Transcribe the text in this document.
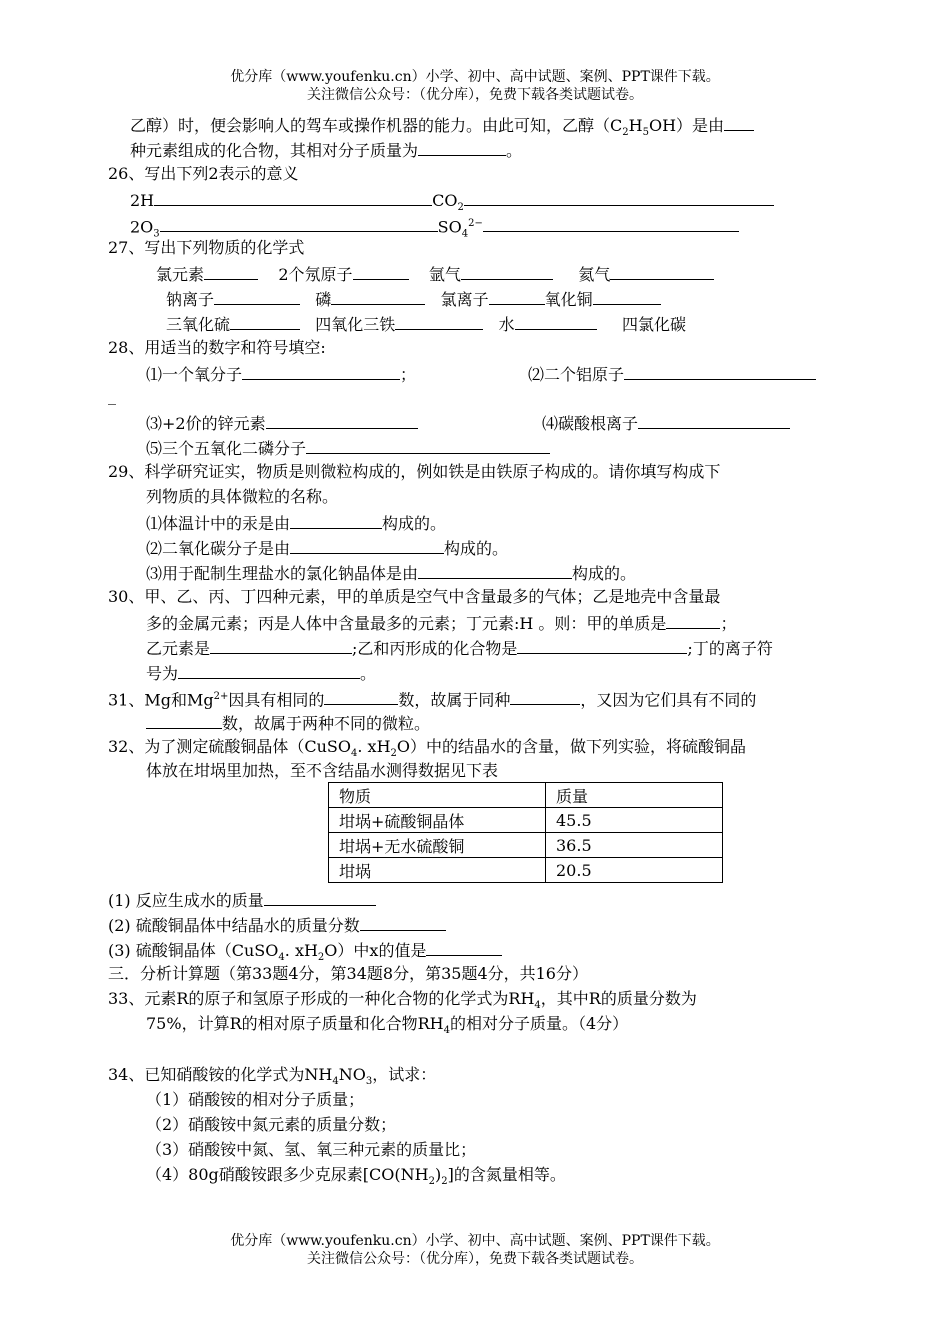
优分库（www.youfenku.cn）小学、初中、高中试题、案例、PPT课件下载。
关注微信公众号：（优分库），免费下载各类试题试卷。
乙醇）时，便会影响人的驾车或操作机器的能力。由此可知，乙醇$(C_2H_5OH)$是由
种元素组成的化合物，其相对分子质量为	。
26、写出下列2表示的意义
2H	$CO_2$
$2O_3$	$SO_4^{2-}$
27、写出下列物质的化学式
氯元素	2个氖原子	氩气	氦气
钠离子	磷	氯离子	氧化铜
三氧化硫	四氧化三铁	水	四氯化碳
28、用适当的数字和符号填空:
⑴一个氧分子	；	⑵二个铝原子
_
⑶+2价的锌元素	⑷碳酸根离子
⑸三个五氧化二磷分子
29、科学研究证实，物质是则微粒构成的，例如铁是由铁原子构成的。请你填写构成下
列物质的具体微粒的名称。
⑴体温计中的汞是由	构成的。
⑵二氧化碳分子是由	构成的。
⑶用于配制生理盐水的氯化钠晶体是由	构成的。
30、甲、乙、丙、丁四种元素，甲的单质是空气中含量最多的气体；乙是地壳中含量最
多的金属元素；丙是人体中含量最多的元素；丁元素:H 。则：甲的单质是	；
乙元素是	;乙和丙形成的化合物是	;丁的离子符
号为	。
31、Mg和$Mg^{2+}$因具有相同的	数，故属于同种	，又因为它们具有不同的
数，故属于两种不同的微粒。
32、为了测定硫酸铜晶体（CuSO$_4$. $xH_2O$）中的结晶水的含量，做下列实验，将硫酸铜晶
体放在坩埚里加热，至不含结晶水测得数据见下表
物质	质量
坩埚+硫酸铜晶体	45.5
坩埚+无水硫酸铜	36.5
坩埚	20.5
(1) 反应生成水的质量
(2) 硫酸铜晶体中结晶水的质量分数
(3) 硫酸铜晶体（CuSO$_4$. $xH_2O$）中x的值是
三．分析计算题（第33题4分，第34题8分，第35题4分，共16分）
33、元素R的原子和氢原子形成的一种化合物的化学式为$RH_4$，其中R的质量分数为
75%，计算R的相对原子质量和化合物$RH_4$的相对分子质量。（4分）
34、已知硝酸铵的化学式为$NH_4NO_3$，试求：
（1）硝酸铵的相对分子质量；
（2）硝酸铵中氮元素的质量分数；
（3）硝酸铵中氮、氢、氧三种元素的质量比；
（4）80g硝酸铵跟多少克尿素$[CO(NH_2)_2]$的含氮量相等。
优分库（www.youfenku.cn）小学、初中、高中试题、案例、PPT课件下载。
关注微信公众号：（优分库），免费下载各类试题试卷。
